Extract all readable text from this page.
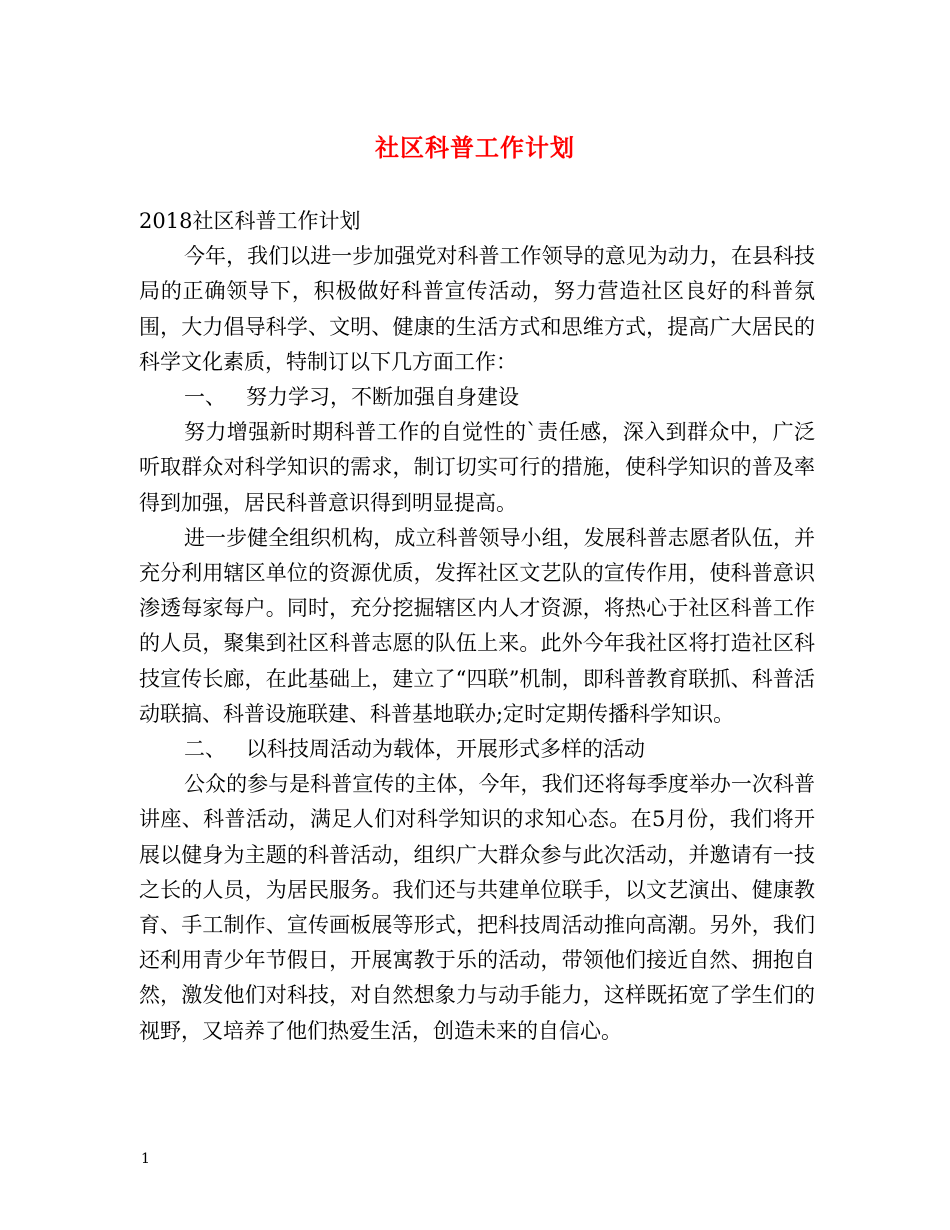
社区科普工作计划

2018社区科普工作计划

今年，我们以进一步加强党对科普工作领导的意见为动力，在县科技局的正确领导下，积极做好科普宣传活动，努力营造社区良好的科普氛围，大力倡导科学、文明、健康的生活方式和思维方式，提高广大居民的科学文化素质，特制订以下几方面工作：

一、 努力学习，不断加强自身建设

努力增强新时期科普工作的自觉性的`责任感，深入到群众中，广泛听取群众对科学知识的需求，制订切实可行的措施，使科学知识的普及率得到加强，居民科普意识得到明显提高。

进一步健全组织机构，成立科普领导小组，发展科普志愿者队伍，并充分利用辖区单位的资源优质，发挥社区文艺队的宣传作用，使科普意识渗透每家每户。同时，充分挖掘辖区内人才资源，将热心于社区科普工作的人员，聚集到社区科普志愿的队伍上来。此外今年我社区将打造社区科技宣传长廊，在此基础上，建立了“四联”机制，即科普教育联抓、科普活动联搞、科普设施联建、科普基地联办;定时定期传播科学知识。

二、 以科技周活动为载体，开展形式多样的活动

公众的参与是科普宣传的主体，今年，我们还将每季度举办一次科普讲座、科普活动，满足人们对科学知识的求知心态。在5月份，我们将开展以健身为主题的科普活动，组织广大群众参与此次活动，并邀请有一技之长的人员，为居民服务。我们还与共建单位联手，以文艺演出、健康教育、手工制作、宣传画板展等形式，把科技周活动推向高潮。另外，我们还利用青少年节假日，开展寓教于乐的活动，带领他们接近自然、拥抱自然，激发他们对科技，对自然想象力与动手能力，这样既拓宽了学生们的视野，又培养了他们热爱生活，创造未来的自信心。

1
